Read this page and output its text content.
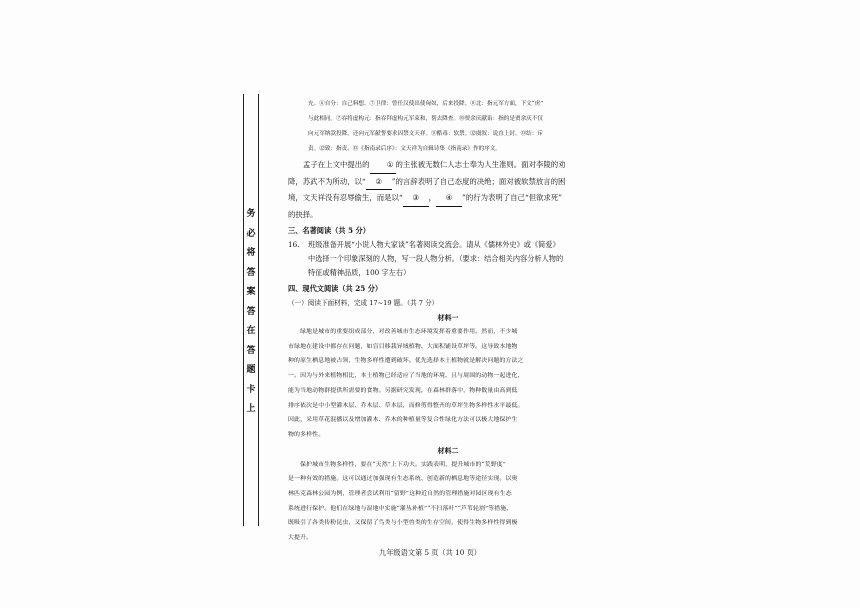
务
必
将
答
案
答
在
答
题
卡
上
充。⑥自分：自己料想。⑦卫律：曾任汉使出使匈奴，后来投降。⑧北：指元军方面，下文“虏”
与此相同。⑦吞将虚构元：指吞拜虚构元军束和，帮去降查。⑩贾余庆献谄：指的是贾余庆不仅
向元军纳款投降，还向元军献誓要求囚禁文天祥。⑪酷毒：软禁。⑫虞叙：说直上封。⑬结：斥
责。⑫致：指责。⑬《指南录后序》：文天祥为自辑诗集《指南录》作的序文。
孟子在上文中提出的 ① 的主张被无数仁人志士奉为人生准则。面对李陵的劝
降，苏武不为所动，以“ ② ”的言辞表明了自己态度的决绝；面对被软禁放言的困
境，文天祥没有忍辱偷生，而是以“ ③ ， ④ ”的行为表明了自己“但欲求死”
的抉择。
三、名著阅读（共 5 分）
16.	班级准备开展“小说人物大家谈”名著阅读交流会。请从《儒林外史》或《简爱》
中选择一个印象深刻的人物，写一段人物分析。（要求：结合相关内容分析人物的
特征或精神品质，100 字左右）
四、现代文阅读（共 25 分）
（一）阅读下面材料，完成 17~19 题。（共 7 分）
材料一
绿地是城市的重要组成部分，对改善城市生态环境发挥着重要作用。然而，不少城
市绿地在建设中都存在问题，如盲目移栽异域植物、大面积铺设草坪等。这导致本地物
种的原生栖息地被占领，生物多样性遭到破坏。优先选择本土植物就是解决问题的方法之
一。因为与外来植物相比，本土植物已经适应了当地的环境，且与周围的动物一起进化，
能为当地动物群提供所需要的食物。另据研究发现，在森林群落中，物种数量由高到低
排序依次是中小型灌木层、乔木层、草本层，而修剪得整齐的草坪生物多样性水平最低。
因此，采用草花混播以及增加灌木、乔木的种植量等复合性绿化方法可以极大地保护生
物的多样性。
材料二
保护城市生物多样性，要在“天然”上下功夫。实践表明，提升城市的“荒野度”
是一种有效的措施。这可以通过加强现有生态系统、创造新的栖息地等途径实现。以奥
林匹克森林公园为例，管理者尝试利用“留野”这种近自然的管理措施对园区现有生态
系统进行保护。他们在绿地与湿地中实施“灌丛补植”“不扫落叶”“芦苇轮割”等措施，
既吸引了各类传粉昆虫，又保留了鸟类与小型兽类的生存空间，使得生物多样性得到极
大提升。
九年级语文第 5 页（共 10 页）
